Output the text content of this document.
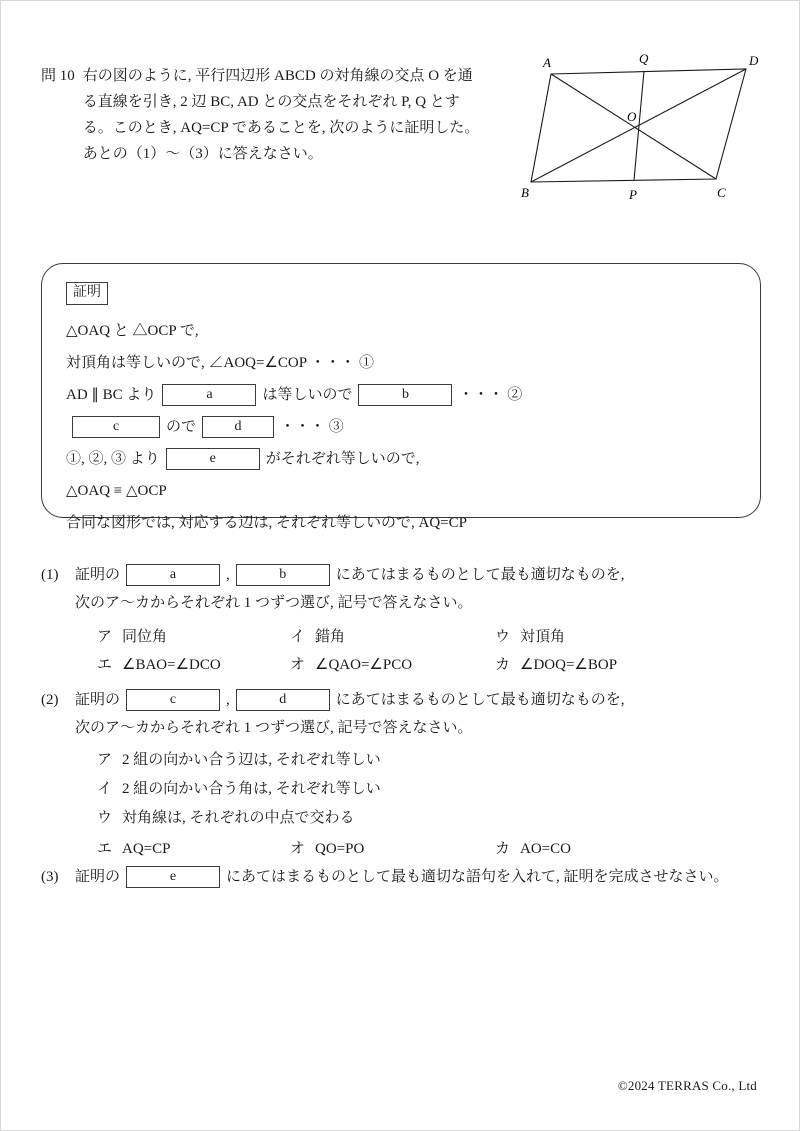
問 10 右の図のように, 平行四辺形 ABCD の対角線の交点 O を通
る直線を引き, 2 辺 BC, AD との交点をそれぞれ P, Q とす
る。このとき, AQ=CP であることを, 次のように証明した。
あとの（1）〜（3）に答えなさい。
A	Q	D
O
B	P	C
証明
△OAQ と △OCP で,
対頂角は等しいので, ∠AOQ=∠COP ・・・ ①
AD ∥ BC より	a	は等しいので	b	・・・ ②
c	ので	d	・・・ ③
①, ②, ③ より	e	がそれぞれ等しいので,
△OAQ ≡ △OCP
合同な図形では, 対応する辺は, それぞれ等しいので, AQ=CP
(1)	証明の	a	,	b	にあてはまるものとして最も適切なものを,
次のア〜カからそれぞれ 1 つずつ選び, 記号で答えなさい。
ア 同位角	イ 錯角	ウ 対頂角
エ ∠BAO=∠DCO	オ ∠QAO=∠PCO	カ ∠DOQ=∠BOP
(2)	証明の	c	,	d	にあてはまるものとして最も適切なものを,
次のア〜カからそれぞれ 1 つずつ選び, 記号で答えなさい。
ア 2 組の向かい合う辺は, それぞれ等しい
イ 2 組の向かい合う角は, それぞれ等しい
ウ 対角線は, それぞれの中点で交わる
エ AQ=CP	オ QO=PO	カ AO=CO
(3)	証明の	e	にあてはまるものとして最も適切な語句を入れて, 証明を完成させなさい。
©2024 TERRAS Co., Ltd
